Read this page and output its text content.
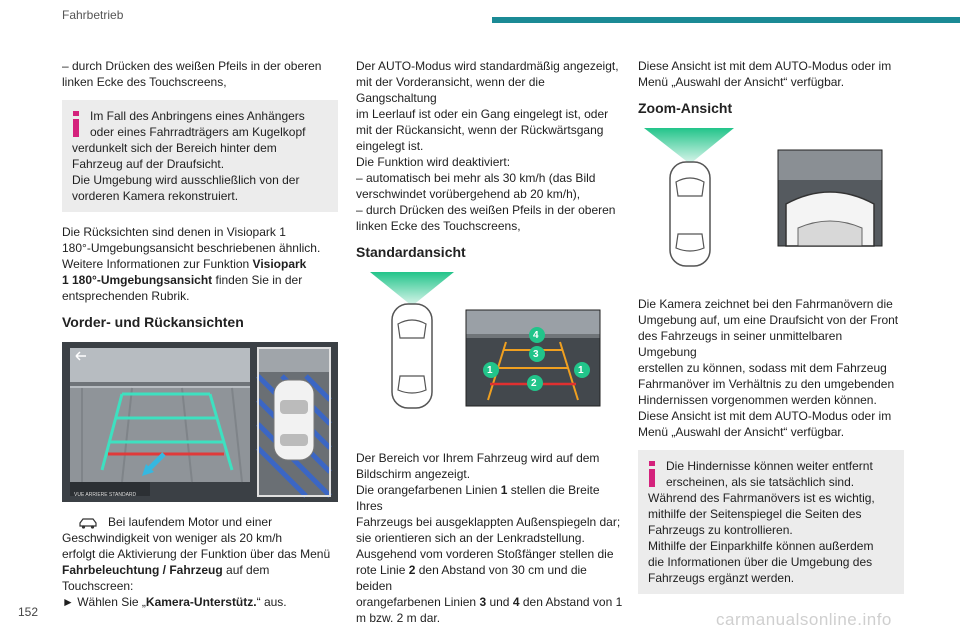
Fahrbetrieb

– durch Drücken des weißen Pfeils in der oberen linken Ecke des Touchscreens,

Im Fall des Anbringens eines Anhängers
oder eines Fahrradträgers am Kugelkopf
verdunkelt sich der Bereich hinter dem
Fahrzeug auf der Draufsicht.
Die Umgebung wird ausschließlich von der
vorderen Kamera rekonstruiert.

Die Rücksichten sind denen in Visiopark 1
180°-Umgebungsansicht beschriebenen ähnlich.
Weitere Informationen zur Funktion Visiopark
1 180°-Umgebungsansicht finden Sie in der
entsprechenden Rubrik.

Vorder- und Rückansichten
VUE ARRIERE STANDARD

Bei laufendem Motor und einer
Geschwindigkeit von weniger als 20 km/h
erfolgt die Aktivierung der Funktion über das Menü
Fahrbeleuchtung / Fahrzeug auf dem
Touchscreen:
► Wählen Sie „Kamera-Unterstütz.“ aus.

Der AUTO-Modus wird standardmäßig angezeigt,
mit der Vorderansicht, wenn der die Gangschaltung
im Leerlauf ist oder ein Gang eingelegt ist, oder
mit der Rückansicht, wenn der Rückwärtsgang
eingelegt ist.
Die Funktion wird deaktiviert:
– automatisch bei mehr als 30 km/h (das Bild
verschwindet vorübergehend ab 20 km/h),
– durch Drücken des weißen Pfeils in der oberen
linken Ecke des Touchscreens,

Standardansicht
4
3
1	1
2

Der Bereich vor Ihrem Fahrzeug wird auf dem
Bildschirm angezeigt.
Die orangefarbenen Linien 1 stellen die Breite Ihres
Fahrzeugs bei ausgeklappten Außenspiegeln dar;
sie orientieren sich an der Lenkradstellung.
Ausgehend vom vorderen Stoßfänger stellen die
rote Linie 2 den Abstand von 30 cm und die beiden
orangefarbenen Linien 3 und 4 den Abstand von 1
m bzw. 2 m dar.

Diese Ansicht ist mit dem AUTO-Modus oder im
Menü „Auswahl der Ansicht“ verfügbar.

Zoom-Ansicht

Die Kamera zeichnet bei den Fahrmanövern die
Umgebung auf, um eine Draufsicht von der Front
des Fahrzeugs in seiner unmittelbaren Umgebung
erstellen zu können, sodass mit dem Fahrzeug
Fahrmanöver im Verhältnis zu den umgebenden
Hindernissen vorgenommen werden können.
Diese Ansicht ist mit dem AUTO-Modus oder im
Menü „Auswahl der Ansicht“ verfügbar.

Die Hindernisse können weiter entfernt
erscheinen, als sie tatsächlich sind.
Während des Fahrmanövers ist es wichtig,
mithilfe der Seitenspiegel die Seiten des
Fahrzeugs zu kontrollieren.
Mithilfe der Einparkhilfe können außerdem
die Informationen über die Umgebung des
Fahrzeugs ergänzt werden.
152	carmanualsonline.info
